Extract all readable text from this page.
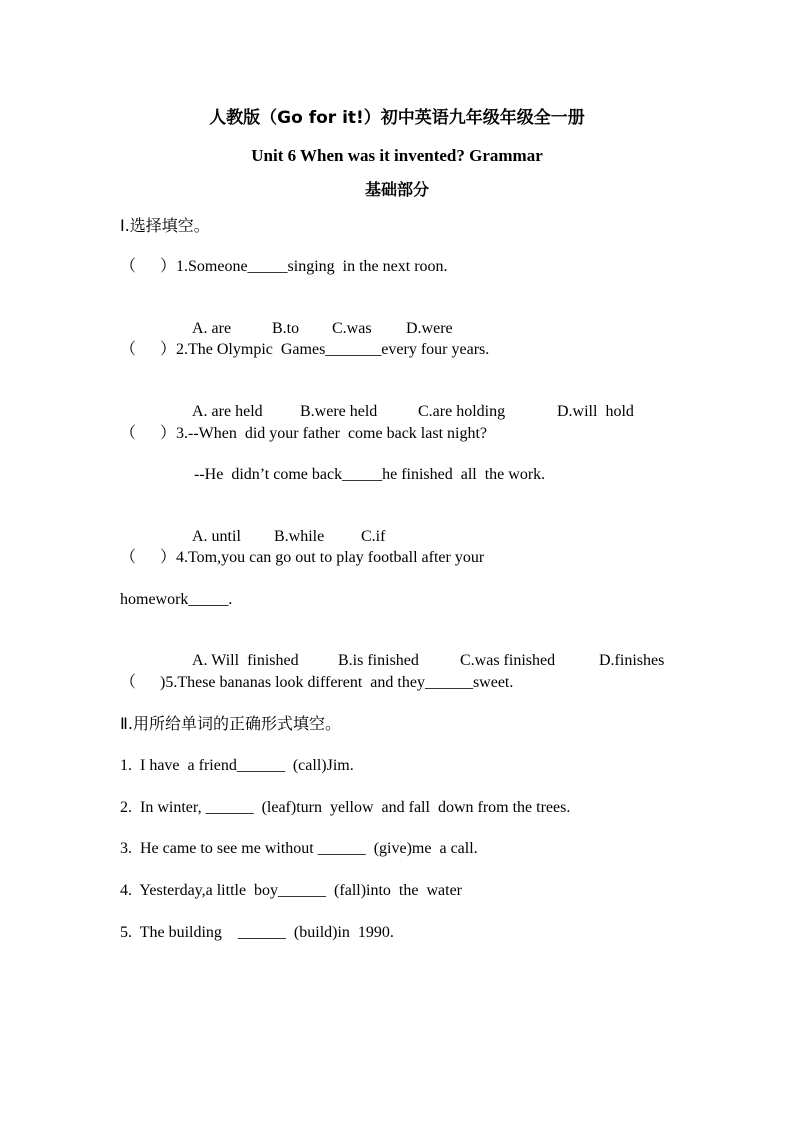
人教版（Go for it!）初中英语九年级年级全一册
Unit 6 When was it invented? Grammar
基础部分
Ⅰ.选择填空。
（      ）1.Someone_____singing  in the next roon.

A. are	B.to C.was D.were

（      ）2.The Olympic  Games_______every four years.

A. are held B.were held	C.are holding	D.will  hold

（      ）3.--When  did your father  come back last night?
--He  didn’t come back_____he finished  all  the work.

A. until B.while C.if

（      ）4.Tom,you can go out to play football after your
homework_____.

A. Will  finished B.is finished	C.was finished	D.finishes

（      )5.These bananas look different  and they______sweet.
Ⅱ.用所给单词的正确形式填空。
1.  I have  a friend______  (call)Jim.
2.  In winter, ______  (leaf)turn  yellow  and fall  down from the trees.
3.  He came to see me without ______  (give)me  a call.
4.  Yesterday,a little  boy______  (fall)into  the  water
5.  The building    ______  (build)in  1990.
